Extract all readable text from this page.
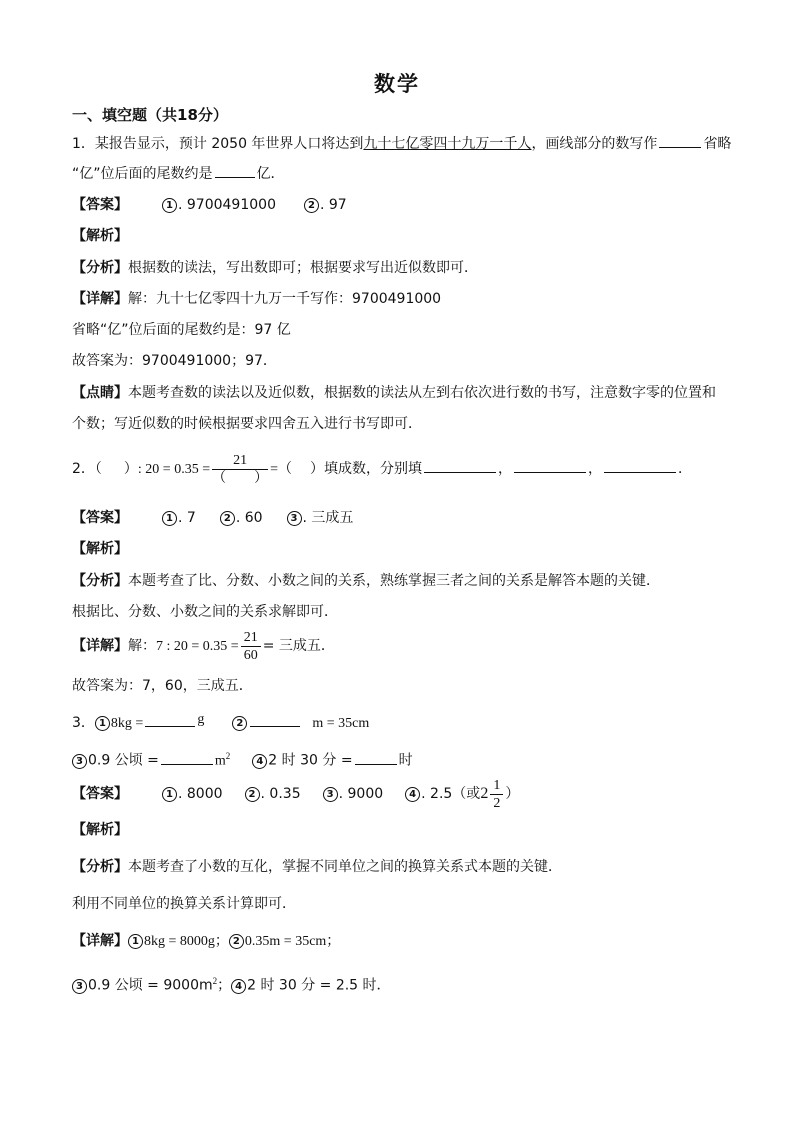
数学
一、填空题（共18分）
1．某报告显示，预计 2050 年世界人口将达到九十七亿零四十九万一千人，画线部分的数写作	省略
“亿”位后面的尾数约是	亿．
【答案】	1 . 9700491000	2 . 97
【解析】
【分析】根据数的读法，写出数即可；根据要求写出近似数即可．
【详解】解：九十七亿零四十九万一千写作：9700491000
省略“亿”位后面的尾数约是：97 亿
故答案为：9700491000；97．
【点睛】本题考查数的读法以及近似数，根据数的读法从左到右依次进行数的书写，注意数字零的位置和
个数；写近似数的时候根据要求四舍五入进行书写即可．
2．（ ）: $20 = 0.35 = \frac{21}{( )}$ =（ ）填成数，分别填	，	，	．
【答案】	1 . 7	2 . 60	3 . 三成五
【解析】
【分析】本题考查了比、分数、小数之间的关系，熟练掌握三者之间的关系是解答本题的关键．
根据比、分数、小数之间的关系求解即可．
【详解】解：7 : $20 = 0.35 = \frac{21}{60}$ = 三成五．
故答案为：7，60，三成五．
3． 1 8kg =	g	2	m = 35cm
3 0.9 公顷 =	$m^2$	4 2 时 30 分 =	时
【答案】	1 . 8000	2 . 0.35	3 . 9000	4 . 2.5（或$2 \frac{1}{2}$ ）
【解析】
【分析】本题考查了小数的互化，掌握不同单位之间的换算关系式本题的关键．
利用不同单位的换算关系计算即可．
【详解】 1 8kg = 8000g； 2 0.35m = 35cm；
3 0.9 公顷 = $9000m^2$； 4 2 时 30 分 = 2.5 时．
